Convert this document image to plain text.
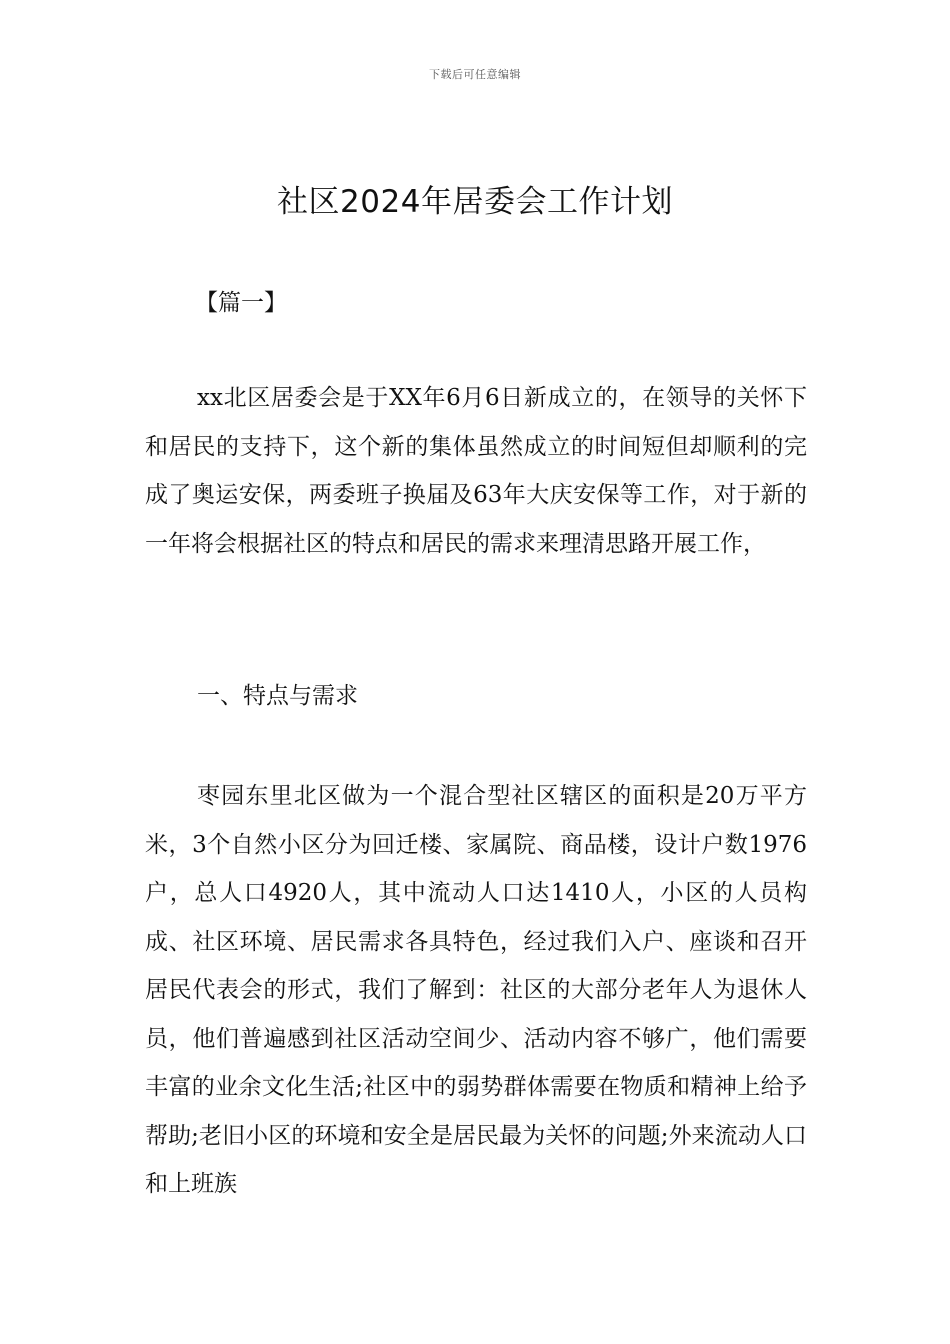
下载后可任意编辑
社区2024年居委会工作计划
【篇一】

xx北区居委会是于XX年6月6日新成立的，在领导的关怀下和居民的支持下，这个新的集体虽然成立的时间短但却顺利的完成了奥运安保，两委班子换届及63年大庆安保等工作，对于新的一年将会根据社区的特点和居民的需求来理清思路开展工作，

一、特点与需求

枣园东里北区做为一个混合型社区辖区的面积是20万平方米，3个自然小区分为回迁楼、家属院、商品楼，设计户数1976户，总人口4920人，其中流动人口达1410人，小区的人员构成、社区环境、居民需求各具特色，经过我们入户、座谈和召开居民代表会的形式，我们了解到：社区的大部分老年人为退休人员，他们普遍感到社区活动空间少、活动内容不够广，他们需要丰富的业余文化生活;社区中的弱势群体需要在物质和精神上给予帮助;老旧小区的环境和安全是居民最为关怀的问题;外来流动人口和上班族
